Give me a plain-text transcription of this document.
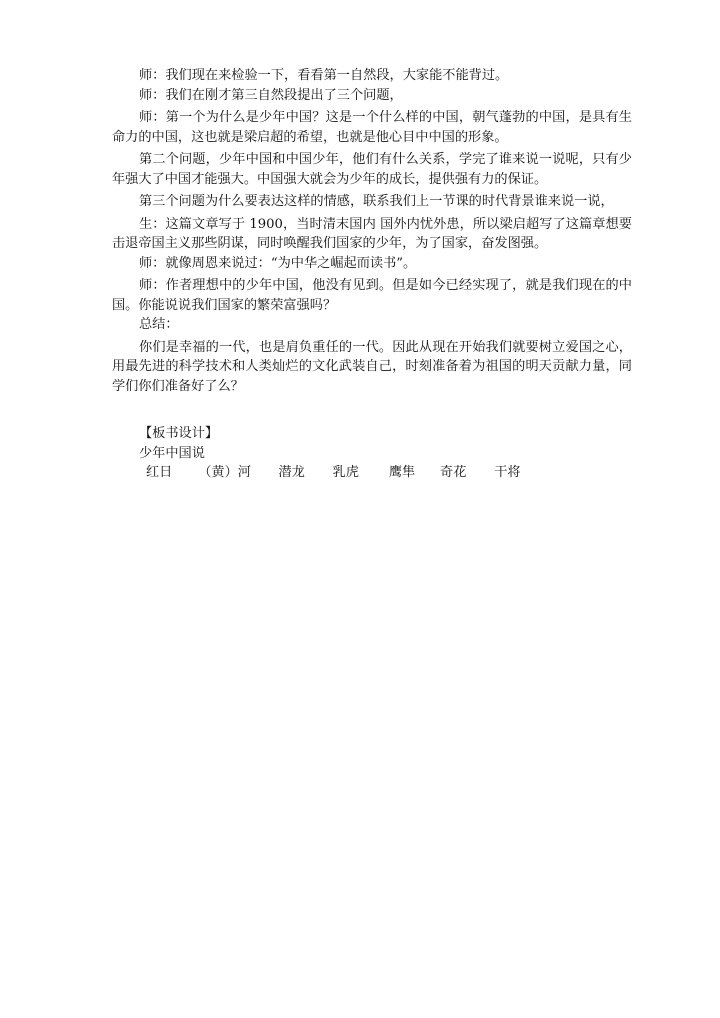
师：我们现在来检验一下，看看第一自然段，大家能不能背过。

师：我们在刚才第三自然段提出了三个问题，

师：第一个为什么是少年中国？这是一个什么样的中国，朝气蓬勃的中国，是具有生命力的中国，这也就是梁启超的希望，也就是他心目中中国的形象。

第二个问题，少年中国和中国少年，他们有什么关系，学完了谁来说一说呢，只有少年强大了中国才能强大。中国强大就会为少年的成长，提供强有力的保证。

第三个问题为什么要表达这样的情感，联系我们上一节课的时代背景谁来说一说，

生：这篇文章写于 1900，当时清末国内 国外内忧外患，所以梁启超写了这篇章想要击退帝国主义那些阴谋，同时唤醒我们国家的少年，为了国家，奋发图强。

师：就像周恩来说过：“为中华之崛起而读书”。

师：作者理想中的少年中国，他没有见到。但是如今已经实现了，就是我们现在的中国。你能说说我们国家的繁荣富强吗？

总结：

你们是幸福的一代，也是肩负重任的一代。因此从现在开始我们就要树立爱国之心，用最先进的科学技术和人类灿烂的文化武装自己，时刻准备着为祖国的明天贡献力量，同学们你们准备好了么？

【板书设计】

少年中国说

红日 （黄）河 潜龙 乳虎 鹰隼 奇花 干将
